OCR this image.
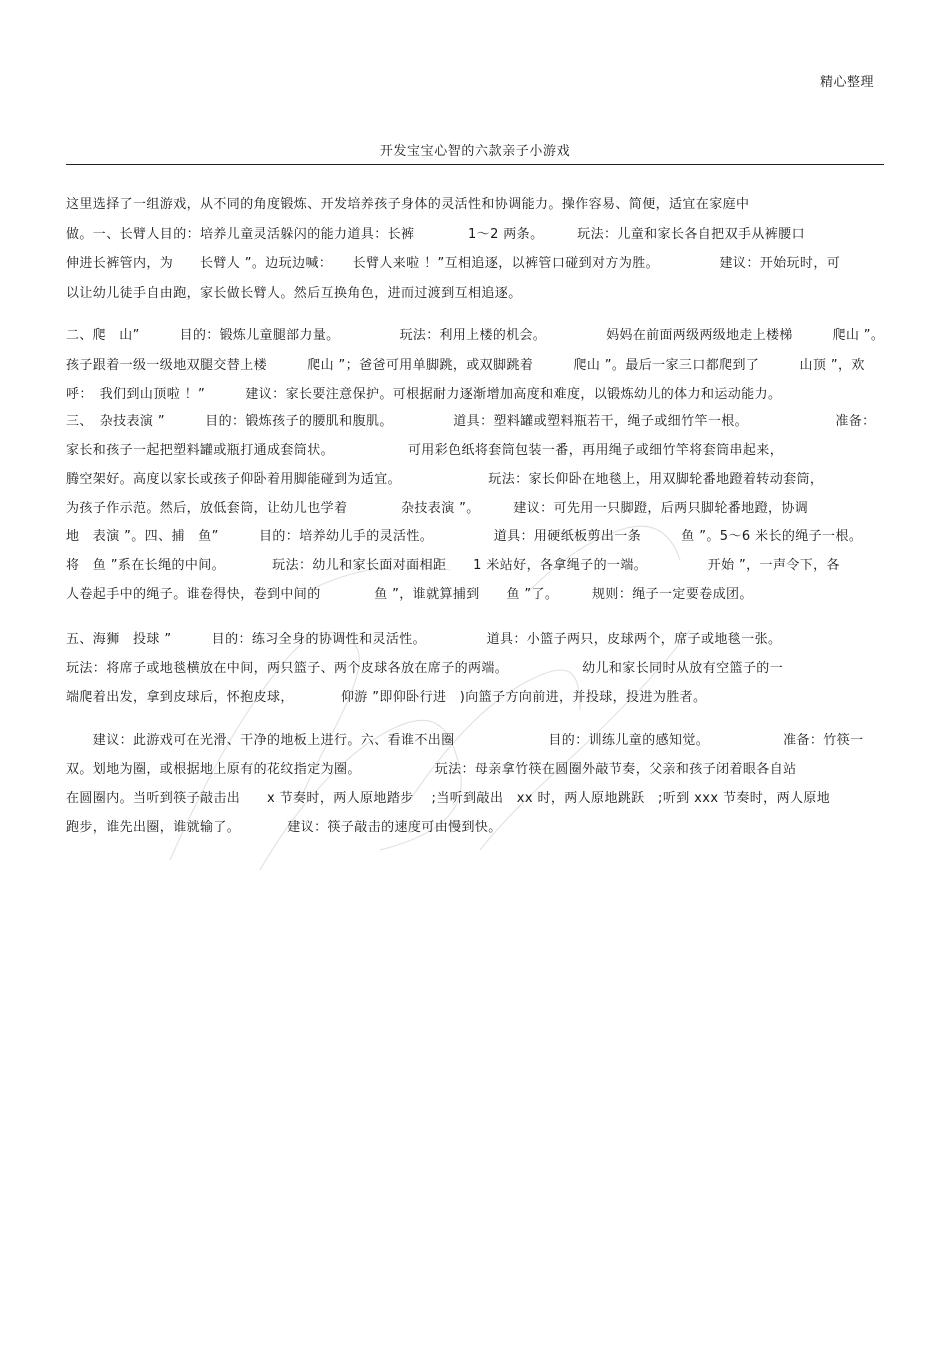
精心整理
开发宝宝心智的六款亲子小游戏
这里选择了一组游戏，从不同的角度锻炼、开发培养孩子身体的灵活性和协调能力。操作容易、简便，适宜在家庭中
做。一、长臂人目的：培养儿童灵活躲闪的能力道具：长裤　　　　1～2 两条。　　　玩法：儿童和家长各自把双手从裤腰口
伸进长裤管内，为　　长臂人 ”。边玩边喊：　　长臂人来啦 ！”互相追逐，以裤管口碰到对方为胜。　　　　　建议：开始玩时，可
以让幼儿徒手自由跑，家长做长臂人。然后互换角色，进而过渡到互相追逐。
二、爬　山”　　　目的：锻炼儿童腿部力量。　　　　　玩法：利用上楼的机会。　　　　　妈妈在前面两级两级地走上楼梯　　　爬山 ”。
孩子跟着一级一级地双腿交替上楼　　　爬山 ”；爸爸可用单脚跳，或双脚跳着　　　爬山 ”。最后一家三口都爬到了　　　山顶 ”，欢
呼：　我们到山顶啦 ！”　　　建议：家长要注意保护。可根据耐力逐渐增加高度和难度，以锻炼幼儿的体力和运动能力。
三、　杂技表演 ”　　　目的：锻炼孩子的腰肌和腹肌。　　　　　道具：塑料罐或塑料瓶若干，绳子或细竹竿一根。　　　　　　　准备：
家长和孩子一起把塑料罐或瓶打通成套筒状。　　　　　　可用彩色纸将套筒包装一番，再用绳子或细竹竿将套筒串起来，
腾空架好。高度以家长或孩子仰卧着用脚能碰到为适宜。　　　　　　　玩法：家长仰卧在地毯上，用双脚轮番地蹬着转动套筒，
为孩子作示范。然后，放低套筒，让幼儿也学着　　　　杂技表演 ”。　　　建议：可先用一只脚蹬，后两只脚轮番地蹬，协调
地　表演 ”。四、捕　鱼”　　　目的：培养幼儿手的灵活性。　　　　　道具：用硬纸板剪出一条　　　鱼 ”。5～6 米长的绳子一根。
将　鱼 ”系在长绳的中间。　　　　玩法：幼儿和家长面对面相距　　1 米站好，各拿绳子的一端。　　　　　开始 ”，一声令下，各
人卷起手中的绳子。谁卷得快，卷到中间的　　　　鱼 ”，谁就算捕到　　鱼 ”了。　　　规则：绳子一定要卷成团。
五、海狮　投球 ”　　　目的：练习全身的协调性和灵活性。　　　　　道具：小篮子两只，皮球两个，席子或地毯一张。
玩法：将席子或地毯横放在中间，两只篮子、两个皮球各放在席子的两端。　　　　　　幼儿和家长同时从放有空篮子的一
端爬着出发，拿到皮球后，怀抱皮球，　　　　仰游 ”即仰卧行进　)向篮子方向前进，并投球，投进为胜者。
　　建议：此游戏可在光滑、干净的地板上进行。六、看谁不出圈　　　　　　　目的：训练儿童的感知觉。　　　　　　准备：竹筷一
双。划地为圈，或根据地上原有的花纹指定为圈。　　　　　　玩法：母亲拿竹筷在圆圈外敲节奏，父亲和孩子闭着眼各自站
在圆圈内。当听到筷子敲击出　　x 节奏时，两人原地踏步　 ;当听到敲出　xx 时，两人原地跳跃　;听到 xxx 节奏时，两人原地
跑步，谁先出圈，谁就输了。　　　　建议：筷子敲击的速度可由慢到快。
